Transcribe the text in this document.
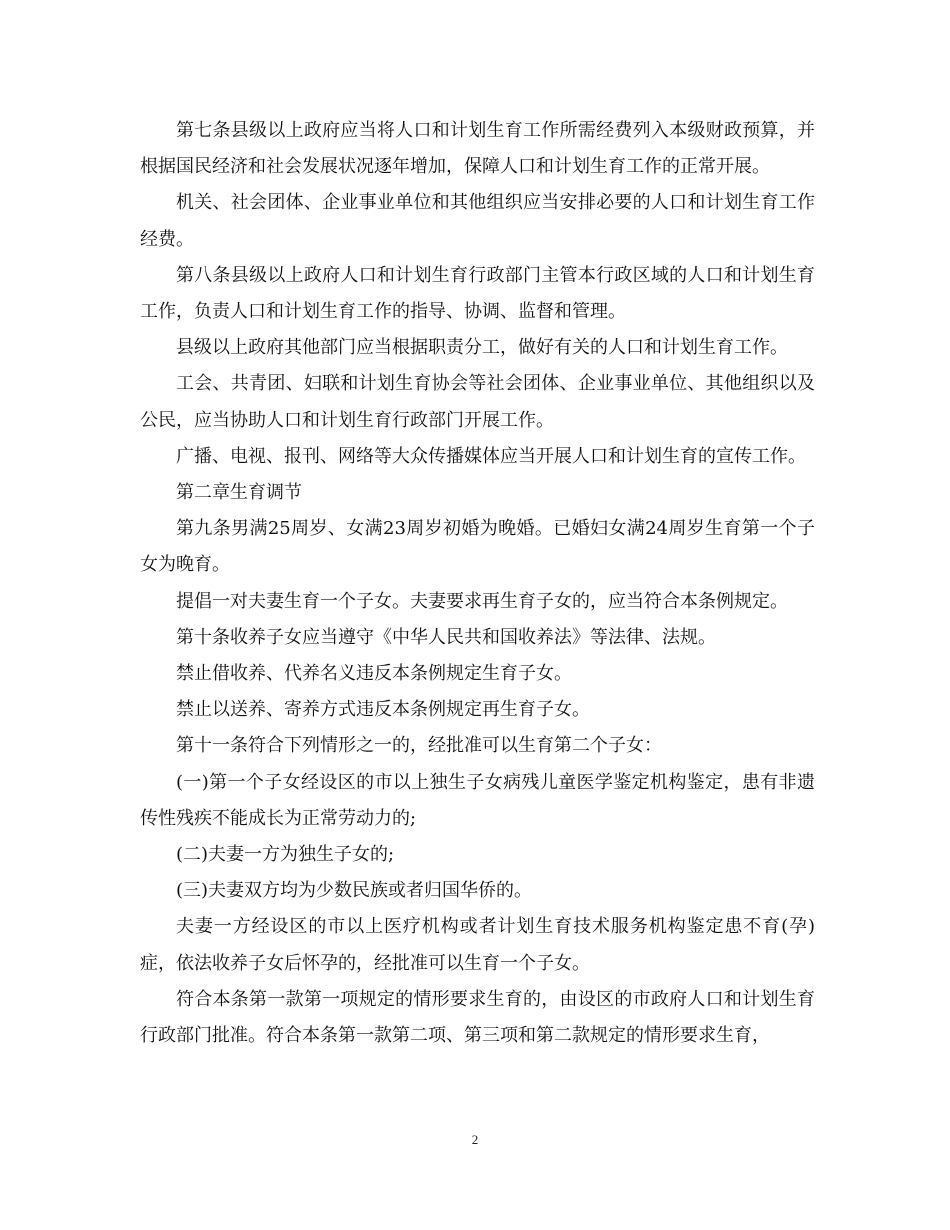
第七条县级以上政府应当将人口和计划生育工作所需经费列入本级财政预算，并根据国民经济和社会发展状况逐年增加，保障人口和计划生育工作的正常开展。

机关、社会团体、企业事业单位和其他组织应当安排必要的人口和计划生育工作经费。

第八条县级以上政府人口和计划生育行政部门主管本行政区域的人口和计划生育工作，负责人口和计划生育工作的指导、协调、监督和管理。

县级以上政府其他部门应当根据职责分工，做好有关的人口和计划生育工作。

工会、共青团、妇联和计划生育协会等社会团体、企业事业单位、其他组织以及公民，应当协助人口和计划生育行政部门开展工作。

广播、电视、报刊、网络等大众传播媒体应当开展人口和计划生育的宣传工作。

第二章生育调节

第九条男满25周岁、女满23周岁初婚为晚婚。已婚妇女满24周岁生育第一个子女为晚育。

提倡一对夫妻生育一个子女。夫妻要求再生育子女的，应当符合本条例规定。

第十条收养子女应当遵守《中华人民共和国收养法》等法律、法规。

禁止借收养、代养名义违反本条例规定生育子女。

禁止以送养、寄养方式违反本条例规定再生育子女。

第十一条符合下列情形之一的，经批准可以生育第二个子女：

(一)第一个子女经设区的市以上独生子女病残儿童医学鉴定机构鉴定，患有非遗传性残疾不能成长为正常劳动力的;

(二)夫妻一方为独生子女的;

(三)夫妻双方均为少数民族或者归国华侨的。

夫妻一方经设区的市以上医疗机构或者计划生育技术服务机构鉴定患不育(孕)症，依法收养子女后怀孕的，经批准可以生育一个子女。

符合本条第一款第一项规定的情形要求生育的，由设区的市政府人口和计划生育行政部门批准。符合本条第一款第二项、第三项和第二款规定的情形要求生育，

2
